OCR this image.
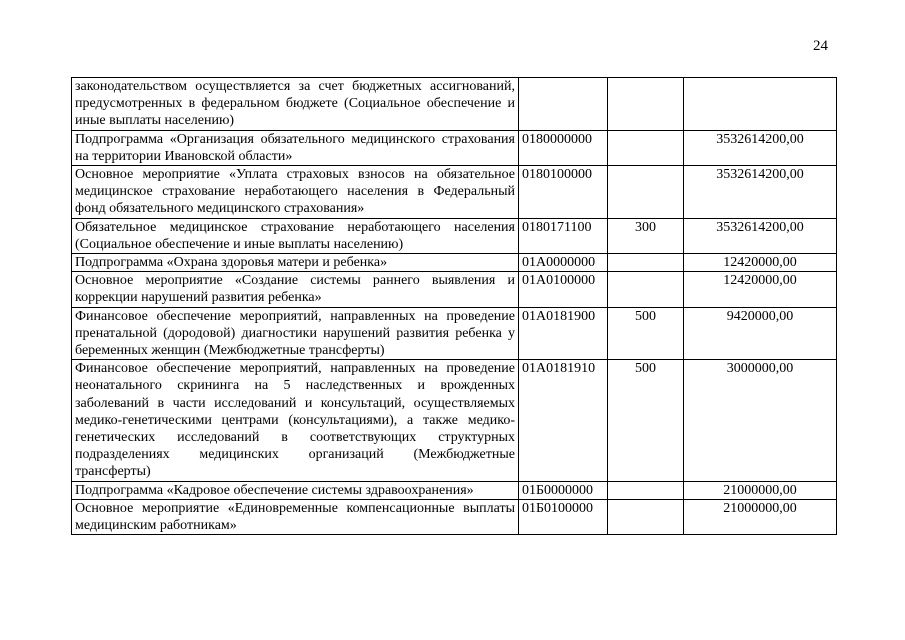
24
законодательством осуществляется за счет бюджетных ассигнований, предусмотренных в федеральном бюджете (Социальное обеспечение и иные выплаты населению)			
Подпрограмма «Организация обязательного медицинского страхования на территории Ивановской области»	0180000000		3532614200,00
Основное мероприятие «Уплата страховых взносов на обязательное медицинское страхование неработающего населения в Федеральный фонд обязательного медицинского страхования»	0180100000		3532614200,00
Обязательное медицинское страхование неработающего населения (Социальное обеспечение и иные выплаты населению)	0180171100	300	3532614200,00
Подпрограмма «Охрана здоровья матери и ребенка»	01А0000000		12420000,00
Основное мероприятие «Создание системы раннего выявления и коррекции нарушений развития ребенка»	01А0100000		12420000,00
Финансовое обеспечение мероприятий, направленных на проведение пренатальной (дородовой) диагностики нарушений развития ребенка у беременных женщин (Межбюджетные трансферты)	01А0181900	500	9420000,00
Финансовое обеспечение мероприятий, направленных на проведение неонатального скрининга на 5 наследственных и врожденных заболеваний в части исследований и консультаций, осуществляемых медико-генетическими центрами (консультациями), а также медико-генетических исследований в соответствующих структурных подразделениях медицинских организаций (Межбюджетные трансферты)	01А0181910	500	3000000,00
Подпрограмма «Кадровое обеспечение системы здравоохранения»	01Б0000000		21000000,00
Основное мероприятие «Единовременные компенсационные выплаты медицинским работникам»	01Б0100000		21000000,00
